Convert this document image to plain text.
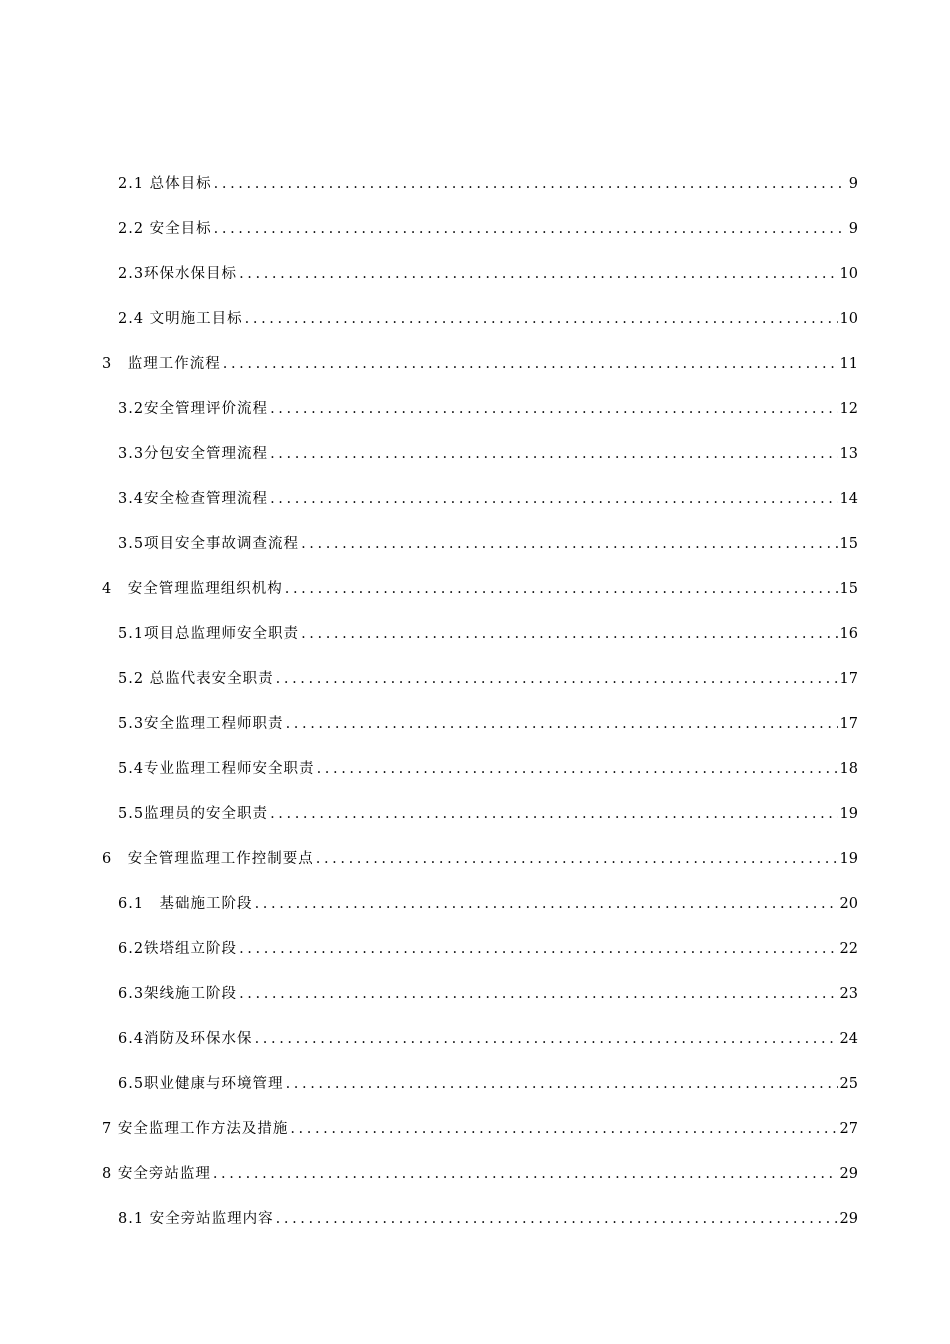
2.1 总体目标 .....	9
2.2 安全目标 .....	9
2.3环保水保目标 .....	10
2.4 文明施工目标 .....	10
3　监理工作流程 .....	11
3.2安全管理评价流程 .....	12
3.3分包安全管理流程 .....	13
3.4安全检查管理流程 .....	14
3.5项目安全事故调查流程 .....	15
4　安全管理监理组织机构 .....	15
5.1项目总监理师安全职责 .....	16
5.2 总监代表安全职责 .....	17
5.3安全监理工程师职责 .....	17
5.4专业监理工程师安全职责 .....	18
5.5监理员的安全职责 .....	19
6　安全管理监理工作控制要点 .....	19
6.1　基础施工阶段 .....	20
6.2铁塔组立阶段 .....	22
6.3架线施工阶段 .....	23
6.4消防及环保水保 .....	24
6.5职业健康与环境管理 .....	25
7 安全监理工作方法及措施 .....	27
8 安全旁站监理 .....	29
8.1 安全旁站监理内容 .....	29
